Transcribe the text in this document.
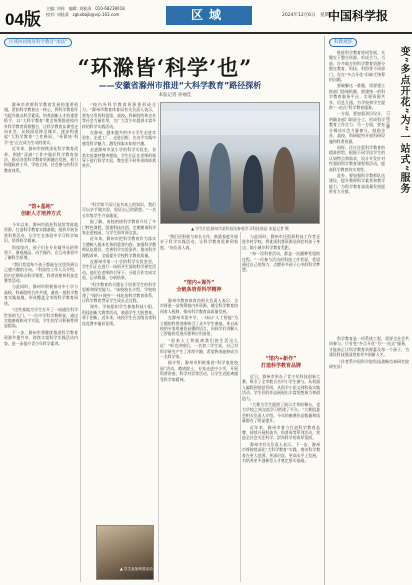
04版
主编: 刘伟　编辑: 刘桂清　010-68239018
校对: 刘桂清　zgkxbbjb@vip.163.com	区域	2024年12月6日　星期五
中国科学报
区域协同推进科学教育"加法"
“环滁皆‘科学’也”
——安徽省滁州市推进“大科学教育”路径探析
本报记者 孙丽佳

滁州市珍惜科学教育发展的重要机遇，紧扣科学教育这一核心，将科学教育作为提升群众科学素质、培养创新人才的重要抓手，以“大科学教育”理念统筹推进校内外科学教育资源整合，让科学教育从课堂走向社会，从校园延伸至城乡，逐步构建起“大科学教育”工作格局，“环滁皆‘科学’也”正在成为生动的现实。

近年来，滁州市持续深化科学教育改革，围绕“双减”工作中做好科学教育加法，推动各类科学教育资源融合发展，着力构建政府主导、学校主体、社会参与的科学教育体系。

“校内外科学教育资源要形成合力。”滁州市教育体育局有关负责人表示，要充分发挥科技馆、高校、科研院所和企业等社会力量作用，为广大青少年提供丰富多样的科学实践活动。

在滁州，越来越多的中小学生走进实验室、走进工厂、走进田野，在动手实践中感受科学魅力，激发探索未知的兴趣。

走进滁州市某小学的科学实验室，各类实验器材整齐摆放，学生们正在老师的指导下进行科学实验，教室里不时传来阵阵欢笑声。

“馆+基地”
创新人才培养方式

今年以来，滁州市依托科技馆等阵地资源，打造科学教育实践基地，组织开展各类科普活动，让学生在体验中学习科学知识、培养科学精神。

科技馆内，孩子们在专业辅导员的带领下，参观展品、动手操作，在互动体验中了解科学原理。

“我们希望每个孩子都能在这里找到自己感兴趣的方向。”科技馆工作人员介绍，馆内定期举办科学课堂、科普讲座和科技竞赛等活动。

与此同时，滁州市积极推动中小学与高校、科研院所合作共建，遴选一批科学教育实践基地，形成覆盖全市的科学教育网络。

“这些基地为学生打开了一扇通往科学世界的大门。”一位中学科学教师说，通过实地参观和动手实验，学生的学习积极性明显提高。

下一步，滁州市将继续推进科学教育资源共建共享，持续丰富科学实践活动内容，进一步提升青少年科学素养。

“科学课不再只是书本上的知识，我们可以亲手做实验，验证自己的猜想。”一名五年级学生兴奋地说。

据了解，该校围绕科学教育开设了多门特色课程，组建科技社团，定期邀请科学家走进校园，与学生面对面交流。

近年来，滁州市把科学教育作为落实立德树人根本任务的重要内容，加强科学教师队伍建设，完善科学实验条件，推动科学课程改革，全面提升学校科学教育质量。

在滁州市第一小学的科学实验室里，学生们正在进行一场别开生面的科学探究活动。他们在老师的引导下，分组合作完成实验，记录数据、分析结果。

“科学教育的关键在于培养学生的科学思维和探究能力。”该校校长介绍，学校构建了“课内+课外”一体化的科学教育体系，让科学教育贯穿学生成长全过程。

课外，学校组织学生参加科技小组、科技创新大赛等活动，鼓励学生大胆想象、勇于创新。近年来，该校学生在各级各类科技竞赛中屡获佳绩。

▲ 学生们在滁州市某科技馆参观学习科技展品 本报记者 摄

“我们还积极与家长合作，鼓励家庭开展亲子科学实践活动，让科学教育延伸到家庭。”该负责人说。

“馆内+课外”
全链条培育科学精神

滁州市教育体育局相关负责人表示，全市将进一步统筹校内外资源，健全科学教育协同育人机制，推动科学教育高质量发展。

在滁州市某中学，一场以“人工智能”为主题的科普讲座吸引了众多学生参加。来自高校的专家用通俗易懂的语言，向同学们讲解人工智能的发展历程和应用前景。

“原来人工智能离我们的生活这么近！”听完讲座后，一名初二学生说，自己对科学研究产生了浓厚兴趣，希望将来能够成为一名科学家。

据介绍，滁州市积极推进“科学家进校园”活动，邀请院士、专家走进中小学，开展科普讲座、科学对话等活动，让学生近距离感受科学家精神。

与此同时，滁州市还组织科技工作者走进乡村学校，将优质科普资源送到农村孩子身边，缩小城乡科学教育差距。

“每一次科普活动，都是一次播种希望的过程。”一位参与活动的科技工作者说，希望通过自己的努力，点燃更多孩子心中的科学梦想。

“馆内+新作”
打造科学教育品牌

近日，滁州市举办了青少年科技创新大赛，吸引了全市数百名中小学生参与。从机器人编程到创意发明，从科学小论文到科技实践活动，学生们的作品展现出丰富的想象力和创造力。

“大赛为学生提供了展示才华的舞台，也为学校之间交流学习搭建了平台。”大赛组委会相关负责人介绍，今年的参赛作品数量和质量都有了明显提升。

近年来，滁州市着力打造科学教育品牌，持续开展科技节、科普周等系列活动，营造全社会关注科学、崇尚科学的浓厚氛围。

滁州市有关负责人表示，下一步，滁州市将持续深化“大科学教育”实践，推动科学教育在更大范围、更深层次、更高水平上发展，为培养更多创新型人才奠定坚实基础。

▲ 学生参加科普活动
科教观察

推进科学教育协同发展，关键在于整合资源、形成合力。当前，许多地方的科学教育资源分散在教育、科技、科协等不同部门，存在“多点开花”但缺乏统筹的问题。

要破解这一难题，需要建立跨部门协调机制，搭建统一的科学教育服务平台，实现资源共享、信息互通，为学校和学生提供“一站式”科学教育服务。

一方面，要加强顶层设计，明确各部门职责分工，形成科学教育工作合力；另一方面，要充分调动社会力量参与，鼓励企业、高校、科研院所开放科研设施和科普资源。

同时，还应注重科学教育的精准供给，根据不同学段学生的认知特点和需求，设计开发针对性强的科学教育课程和活动，提高科学教育的实效性。

此外，要加强科学教师队伍建设，提升教师科学素养和教学能力，为科学教育高质量发展提供有力支撑。

科学教育是一项系统工程，需要全社会共同参与。只有变“多点开花”为“一站式”服务，才能真正让科学教育资源惠及每一个孩子，为建设科技强国培育更多创新人才。

（作者系中国科学院科技战略咨询研究院研究员）

变“多点开花”为“一站式”服务
□ 周岳鹏
